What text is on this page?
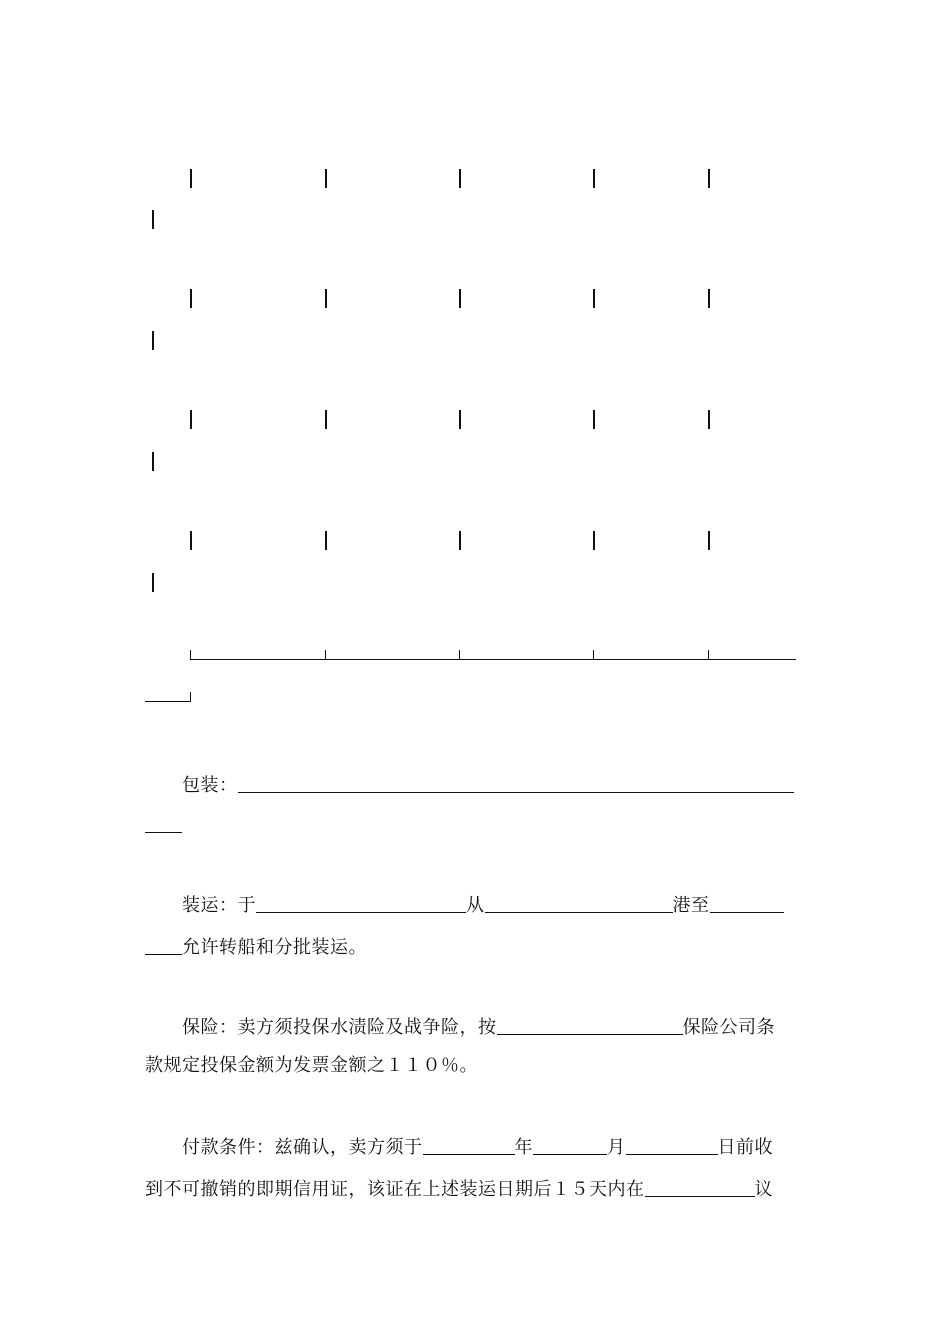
包装：
装运：于	从	港至
允许转船和分批装运。
保险：卖方须投保水渍险及战争险，按	保险公司条
款规定投保金额为发票金额之１１０％。
付款条件：兹确认，卖方须于	年	月	日前收
到不可撤销的即期信用证，该证在上述装运日期后１５天内在	议
